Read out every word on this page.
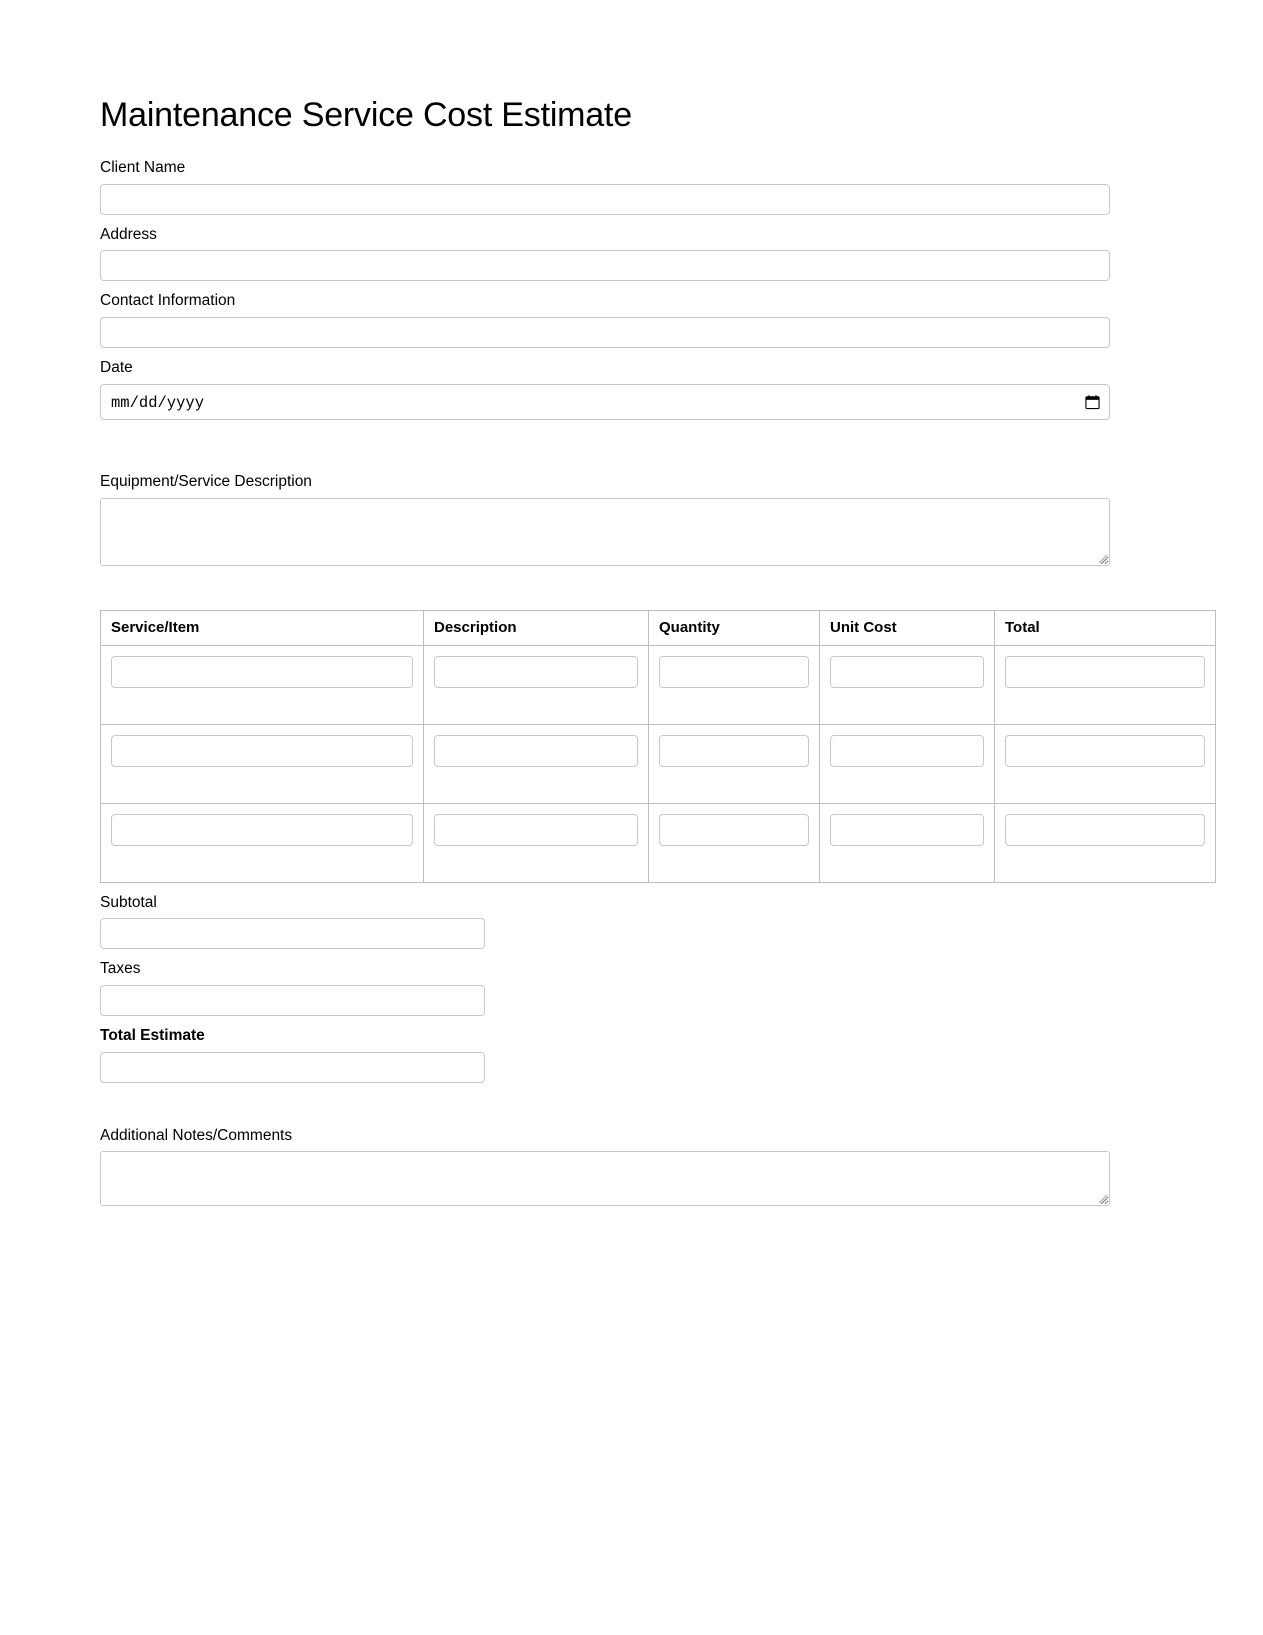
Maintenance Service Cost Estimate
Client Name
Address
Contact Information
Date
mm/dd/yyyy
Equipment/Service Description
Service/Item	Description	Quantity	Unit Cost	Total

Subtotal
Taxes
Total Estimate
Additional Notes/Comments
